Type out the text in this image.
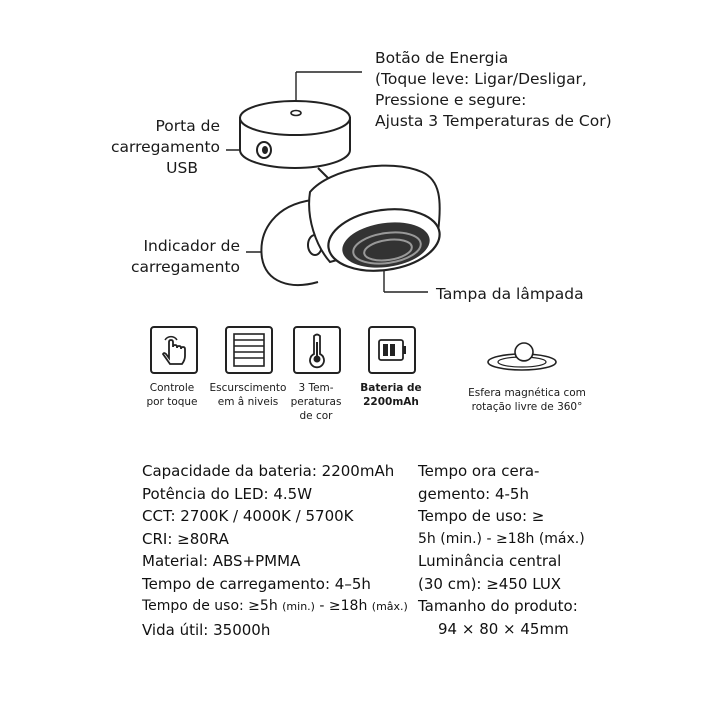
Botão de Energia
(Toque leve: Ligar/Desligar,
Pressione e segure:
Ajusta 3 Temperaturas de Cor)
Porta de
carregamento
USB
Indicador de
carregamento
Tampa da lâmpada
Controle
por toque
Escurscimento
em â niveis
3 Tem-
peraturas
de cor
Bateria de
2200mAh
Esfera magnética com
rotação livre de 360°
Capacidade da bateria: 2200mAh
Potência do LED: 4.5W
CCT: 2700K / 4000K / 5700K
CRI: ≥80RA
Material: ABS+PMMA
Tempo de carregamento: 4–5h
Tempo de uso: ≥5h (min.) - ≥18h (mâx.)
Vida útil: 35000h
Tempo ora cera-
gemento: 4-5h
Tempo de uso: ≥
5h (min.) - ≥18h (máx.)
Luminância central
(30 cm): ≥450 LUX
Tamanho do produto:
94 × 80 × 45mm
